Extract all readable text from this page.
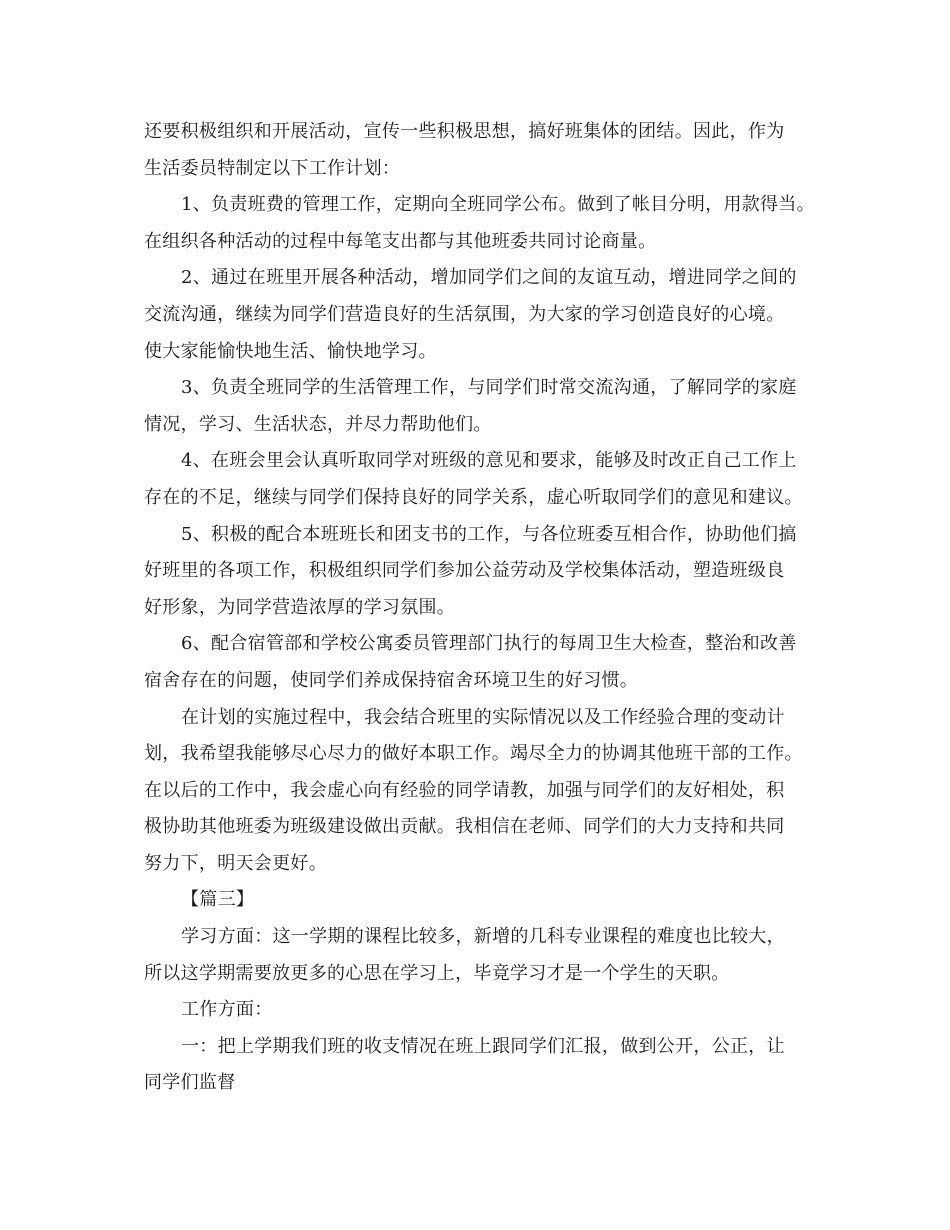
还要积极组织和开展活动，宣传一些积极思想，搞好班集体的团结。因此，作为
生活委员特制定以下工作计划：
1、负责班费的管理工作，定期向全班同学公布。做到了帐目分明，用款得当。
在组织各种活动的过程中每笔支出都与其他班委共同讨论商量。
2、通过在班里开展各种活动，增加同学们之间的友谊互动，增进同学之间的
交流沟通，继续为同学们营造良好的生活氛围，为大家的学习创造良好的心境。
使大家能愉快地生活、愉快地学习。
3、负责全班同学的生活管理工作，与同学们时常交流沟通，了解同学的家庭
情况，学习、生活状态，并尽力帮助他们。
4、在班会里会认真听取同学对班级的意见和要求，能够及时改正自己工作上
存在的不足，继续与同学们保持良好的同学关系，虚心听取同学们的意见和建议。
5、积极的配合本班班长和团支书的工作，与各位班委互相合作，协助他们搞
好班里的各项工作，积极组织同学们参加公益劳动及学校集体活动，塑造班级良
好形象，为同学营造浓厚的学习氛围。
6、配合宿管部和学校公寓委员管理部门执行的每周卫生大检查，整治和改善
宿舍存在的问题，使同学们养成保持宿舍环境卫生的好习惯。
在计划的实施过程中，我会结合班里的实际情况以及工作经验合理的变动计
划，我希望我能够尽心尽力的做好本职工作。竭尽全力的协调其他班干部的工作。
在以后的工作中，我会虚心向有经验的同学请教，加强与同学们的友好相处，积
极协助其他班委为班级建设做出贡献。我相信在老师、同学们的大力支持和共同
努力下，明天会更好。
【篇三】
学习方面：这一学期的课程比较多，新增的几科专业课程的难度也比较大，
所以这学期需要放更多的心思在学习上，毕竟学习才是一个学生的天职。
工作方面：
一：把上学期我们班的收支情况在班上跟同学们汇报，做到公开，公正，让
同学们监督
